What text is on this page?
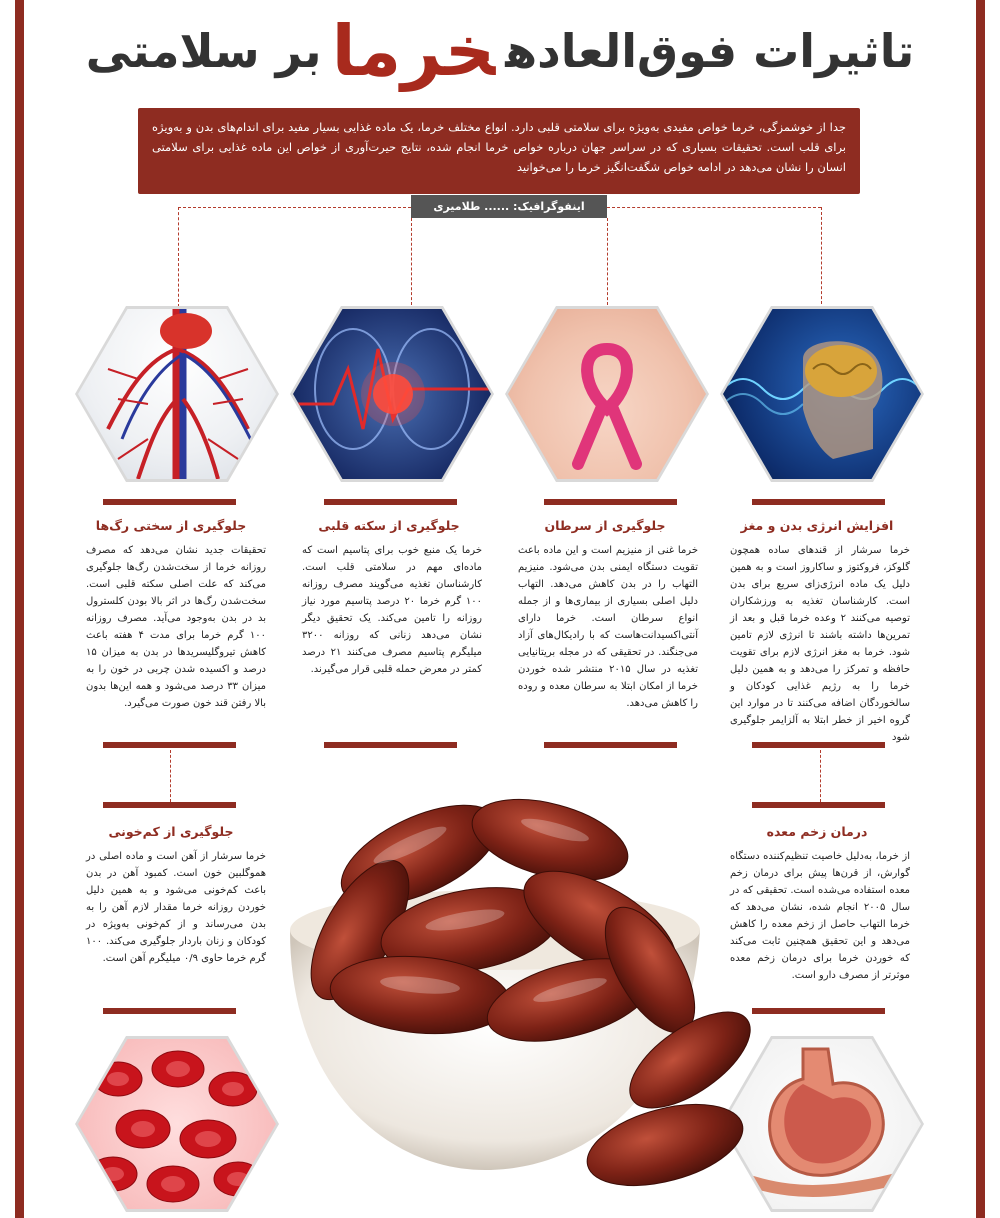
تاثیرات فوق‌العادهخرمابر سلامتی
جدا از خوشمزگی، خرما خواص مفیدی به‌ویژه برای سلامتی قلبی دارد. انواع مختلف خرما، یک ماده غذایی بسیار مفید برای اندام‌های بدن و به‌ویژه برای قلب است. تحقیقات بسیاری که در سراسر جهان درباره خواص خرما انجام شده، نتایج حیرت‌آوری از خواص این ماده غذایی برای سلامتی انسان را نشان می‌دهد در ادامه خواص شگفت‌انگیز خرما را می‌خوانید
اینفوگرافیک: ...... طلامیری
جلوگیری از سختی رگ‌ها	جلوگیری از سکته قلبی	جلوگیری از سرطان	افزایش انرژی بدن و مغز
تحقیقات جدید نشان می‌دهد که مصرف روزانه خرما از سخت‌شدن رگ‌ها جلوگیری می‌کند که علت اصلی سکته قلبی است. سخت‌شدن رگ‌ها در اثر بالا بودن کلسترول بد در بدن به‌وجود می‌آید. مصرف روزانه ۱۰۰ گرم خرما برای مدت ۴ هفته باعث کاهش تیروگلیسریدها در بدن به میزان ۱۵ درصد و اکسیده شدن چربی در خون را به میزان ۳۳ درصد می‌شود و همه این‌ها بدون بالا رفتن قند خون صورت می‌گیرد.
خرما یک منبع خوب برای پتاسیم است که ماده‌ای مهم در سلامتی قلب است. کارشناسان تغذیه می‌گویند مصرف روزانه ۱۰۰ گرم خرما ۲۰ درصد پتاسیم مورد نیاز روزانه را تامین می‌کند. یک تحقیق دیگر نشان می‌دهد زنانی که روزانه ۳۲۰۰ میلیگرم پتاسیم مصرف می‌کنند ۲۱ درصد کمتر در معرض حمله قلبی قرار می‌گیرند.
خرما غنی از منیزیم است و این ماده باعث تقویت دستگاه ایمنی بدن می‌شود. منیزیم التهاب را در بدن کاهش می‌دهد. التهاب دلیل اصلی بسیاری از بیماری‌ها و از جمله انواع سرطان است. خرما دارای آنتی‌اکسیدانت‌هاست که با رادیکال‌های آزاد می‌جنگند. در تحقیقی که در مجله بریتانیایی تغذیه در سال ۲۰۱۵ منتشر شده خوردن خرما از امکان ابتلا به سرطان معده و روده را کاهش می‌دهد.
خرما سرشار از قندهای ساده همچون گلوکز، فروکتوز و ساکاروز است و به همین دلیل یک ماده انرژی‌زای سریع برای بدن است. کارشناسان تغذیه به ورزشکاران توصیه می‌کنند ۲ وعده خرما قبل و بعد از تمرین‌ها داشته باشند تا انرژی لازم تامین شود. خرما به مغز انرژی لازم برای تقویت حافظه و تمرکز را می‌دهد و به همین دلیل خرما را به رژیم غذایی کودکان و سالخوردگان اضافه می‌کنند تا در موارد این گروه اخیر از خطر ابتلا به آلزایمر جلوگیری شود
جلوگیری از کم‌خونی	درمان زخم معده
خرما سرشار از آهن است و ماده اصلی در هموگلبین خون است. کمبود آهن در بدن باعث کم‌خونی می‌شود و به همین دلیل خوردن روزانه خرما مقدار لازم آهن را به بدن می‌رساند و از کم‌خونی به‌ویژه در کودکان و زنان باردار جلوگیری می‌کند. ۱۰۰ گرم خرما حاوی ۰/۹ میلیگرم آهن است.
از خرما، به‌دلیل خاصیت تنظیم‌کننده دستگاه گوارش، از قرن‌ها پیش برای درمان زخم معده استفاده می‌شده است. تحقیقی که در سال ۲۰۰۵ انجام شده، نشان می‌دهد که خرما التهاب حاصل از زخم معده را کاهش می‌دهد و این تحقیق همچنین ثابت می‌کند که خوردن خرما برای درمان زخم معده موثرتر از مصرف دارو است.
